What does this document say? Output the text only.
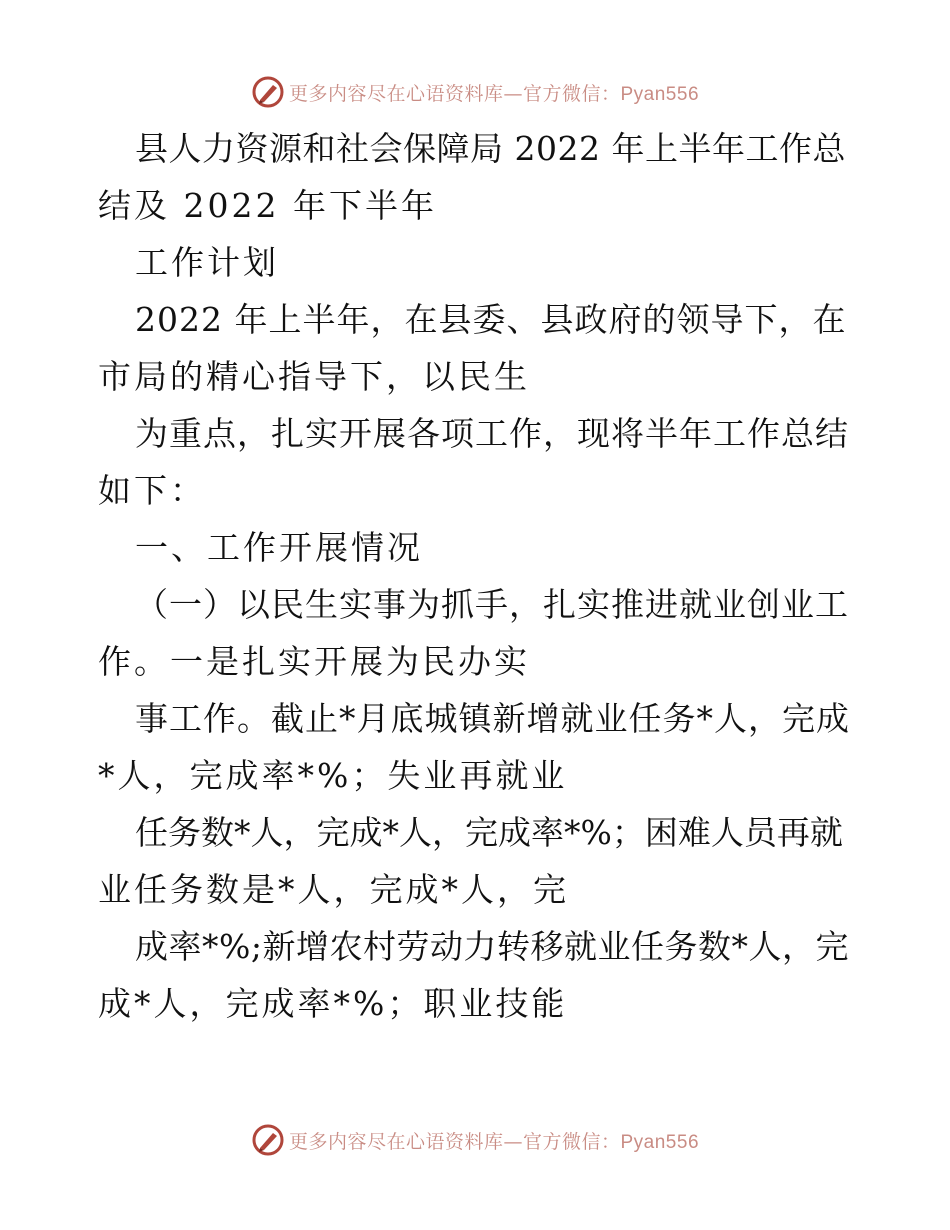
更多内容尽在心语资料库—官方微信：Pyan556
县人力资源和社会保障局 2022 年上半年工作总
结及 2022 年下半年
工作计划
2022 年上半年，在县委、县政府的领导下，在
市局的精心指导下，以民生
为重点，扎实开展各项工作，现将半年工作总结
如下：
一、工作开展情况
（一）以民生实事为抓手，扎实推进就业创业工
作。一是扎实开展为民办实
事工作。截止*月底城镇新增就业任务*人，完成
*人，完成率*%；失业再就业
任务数*人，完成*人，完成率*%；困难人员再就
业任务数是*人，完成*人，完
成率*%;新增农村劳动力转移就业任务数*人，完
成*人，完成率*%；职业技能
更多内容尽在心语资料库—官方微信：Pyan556
